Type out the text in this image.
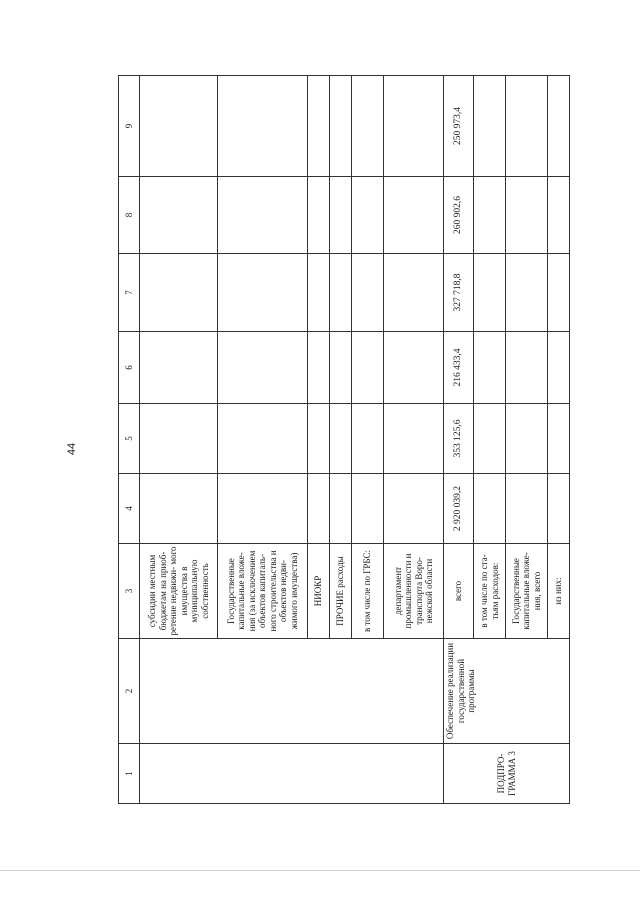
44
1	2	3	4	5	6	7	8	9
		субсидии местным бюджетам на приоб- ретение недвижи- мого имущества в муниципальную собственность						
		Государственные капитальные вложе- ния (за исключением объектов капиталь- ного строительства и объектов недви- жимого имущества)						
		НИОКР						
		ПРОЧИЕ расходы						
		в том числе по ГРБС:						
		департамент промышленности и транспорта Воро- нежской области						
ПОДПРО- ГРАММА 3	Обеспечение реализации государственной программы	всего	2 920 039,2	353 125,6	216 433,4	327 718,8	260 902,6	250 973,4
		в том числе по ста- тьям расходов:						
		Государственные капитальные вложе- ния, всего						
		из них:						
